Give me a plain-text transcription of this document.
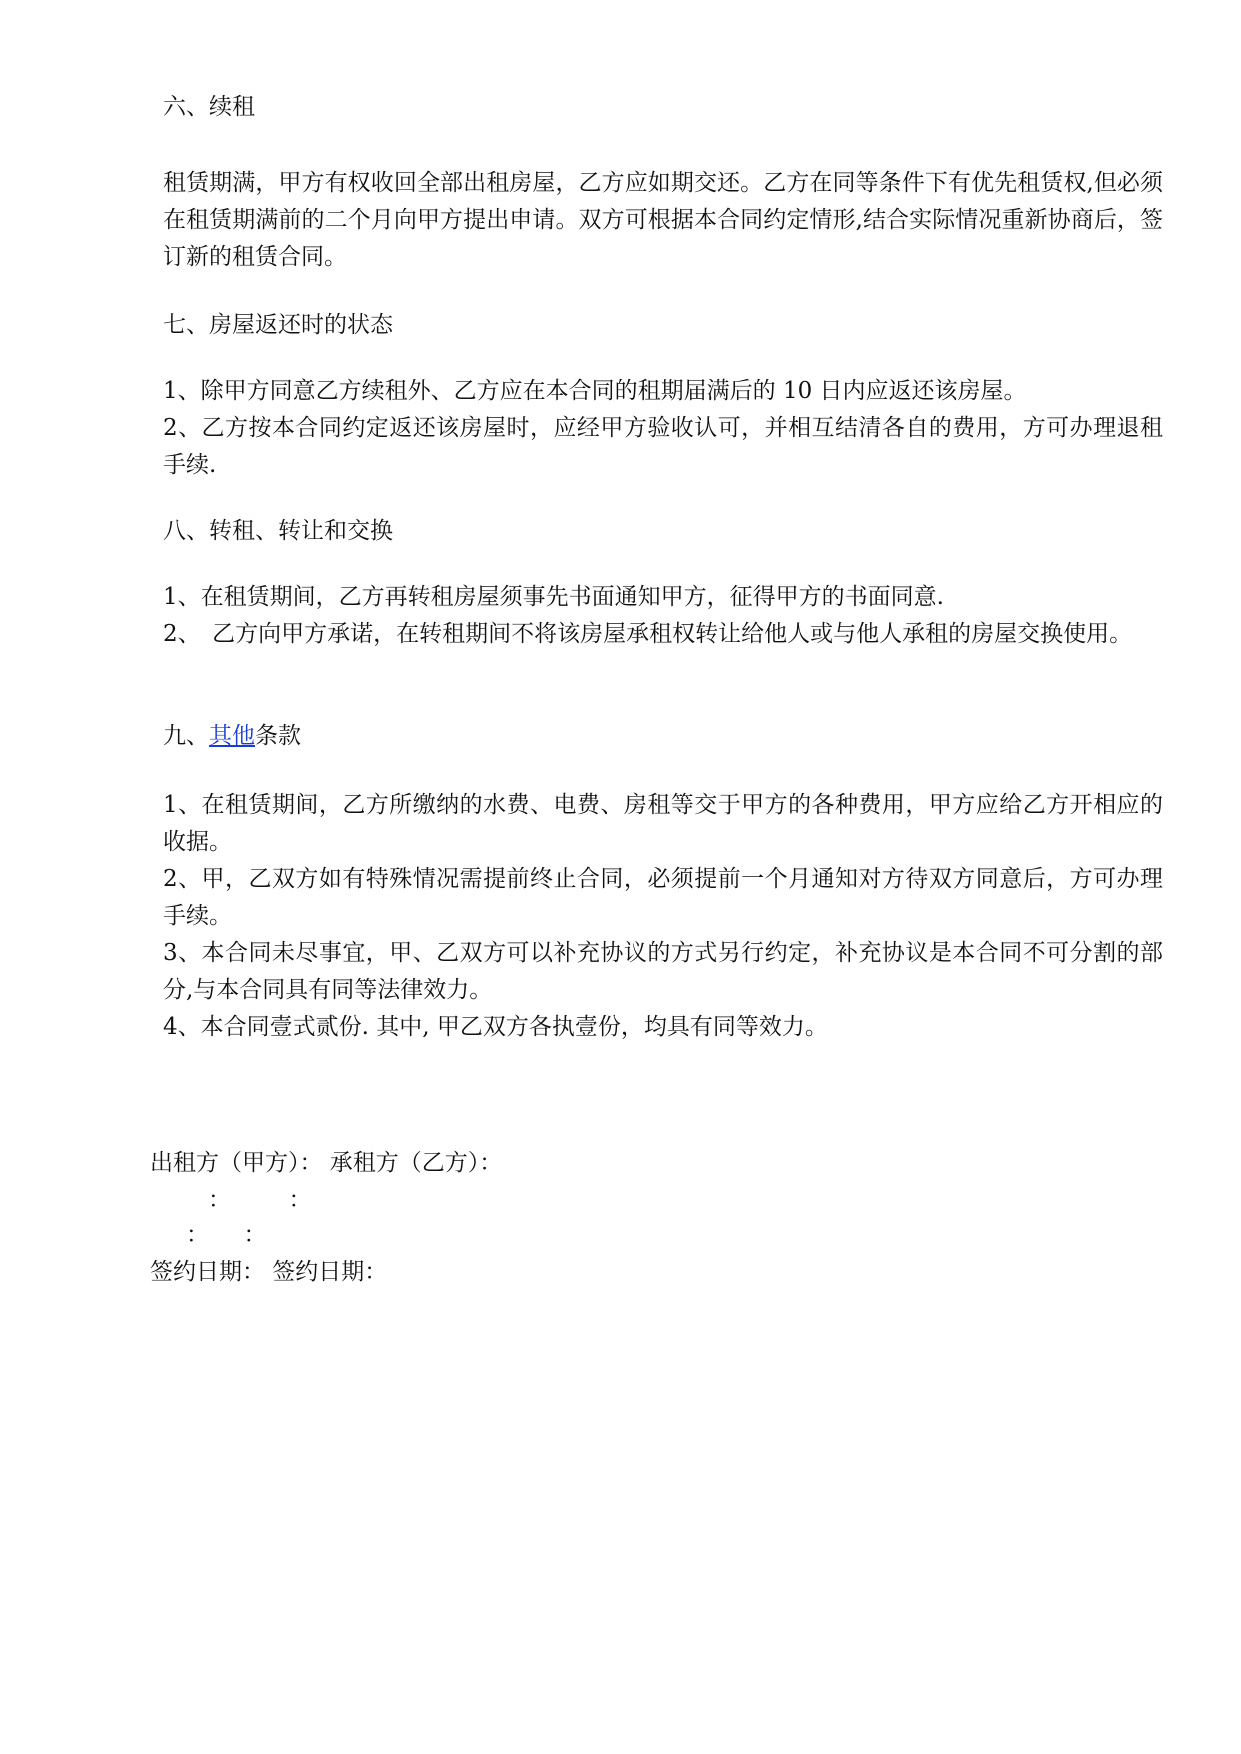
六、续租

租赁期满，甲方有权收回全部出租房屋，乙方应如期交还。乙方在同等条件下有优先租赁权,但必须在租赁期满前的二个月向甲方提出申请。双方可根据本合同约定情形,结合实际情况重新协商后，签订新的租赁合同。

七、房屋返还时的状态

1、除甲方同意乙方续租外、乙方应在本合同的租期届满后的 10 日内应返还该房屋。

2、乙方按本合同约定返还该房屋时，应经甲方验收认可，并相互结清各自的费用，方可办理退租手续.

八、转租、转让和交换

1、在租赁期间，乙方再转租房屋须事先书面通知甲方，征得甲方的书面同意.

2、　乙方向甲方承诺，在转租期间不将该房屋承租权转让给他人或与他人承租的房屋交换使用。

九、其他条款

1、在租赁期间，乙方所缴纳的水费、电费、房租等交于甲方的各种费用，甲方应给乙方开相应的收据。

2、甲，乙双方如有特殊情况需提前终止合同，必须提前一个月通知对方待双方同意后，方可办理手续。

3、本合同未尽事宜，甲、乙双方可以补充协议的方式另行约定，补充协议是本合同不可分割的部分,与本合同具有同等法律效力。

4、本合同壹式贰份. 其中, 甲乙双方各执壹份，均具有同等效力。

出租方（甲方）： 承租方（乙方）：
：　　　：
：　　：
签约日期： 签约日期：
